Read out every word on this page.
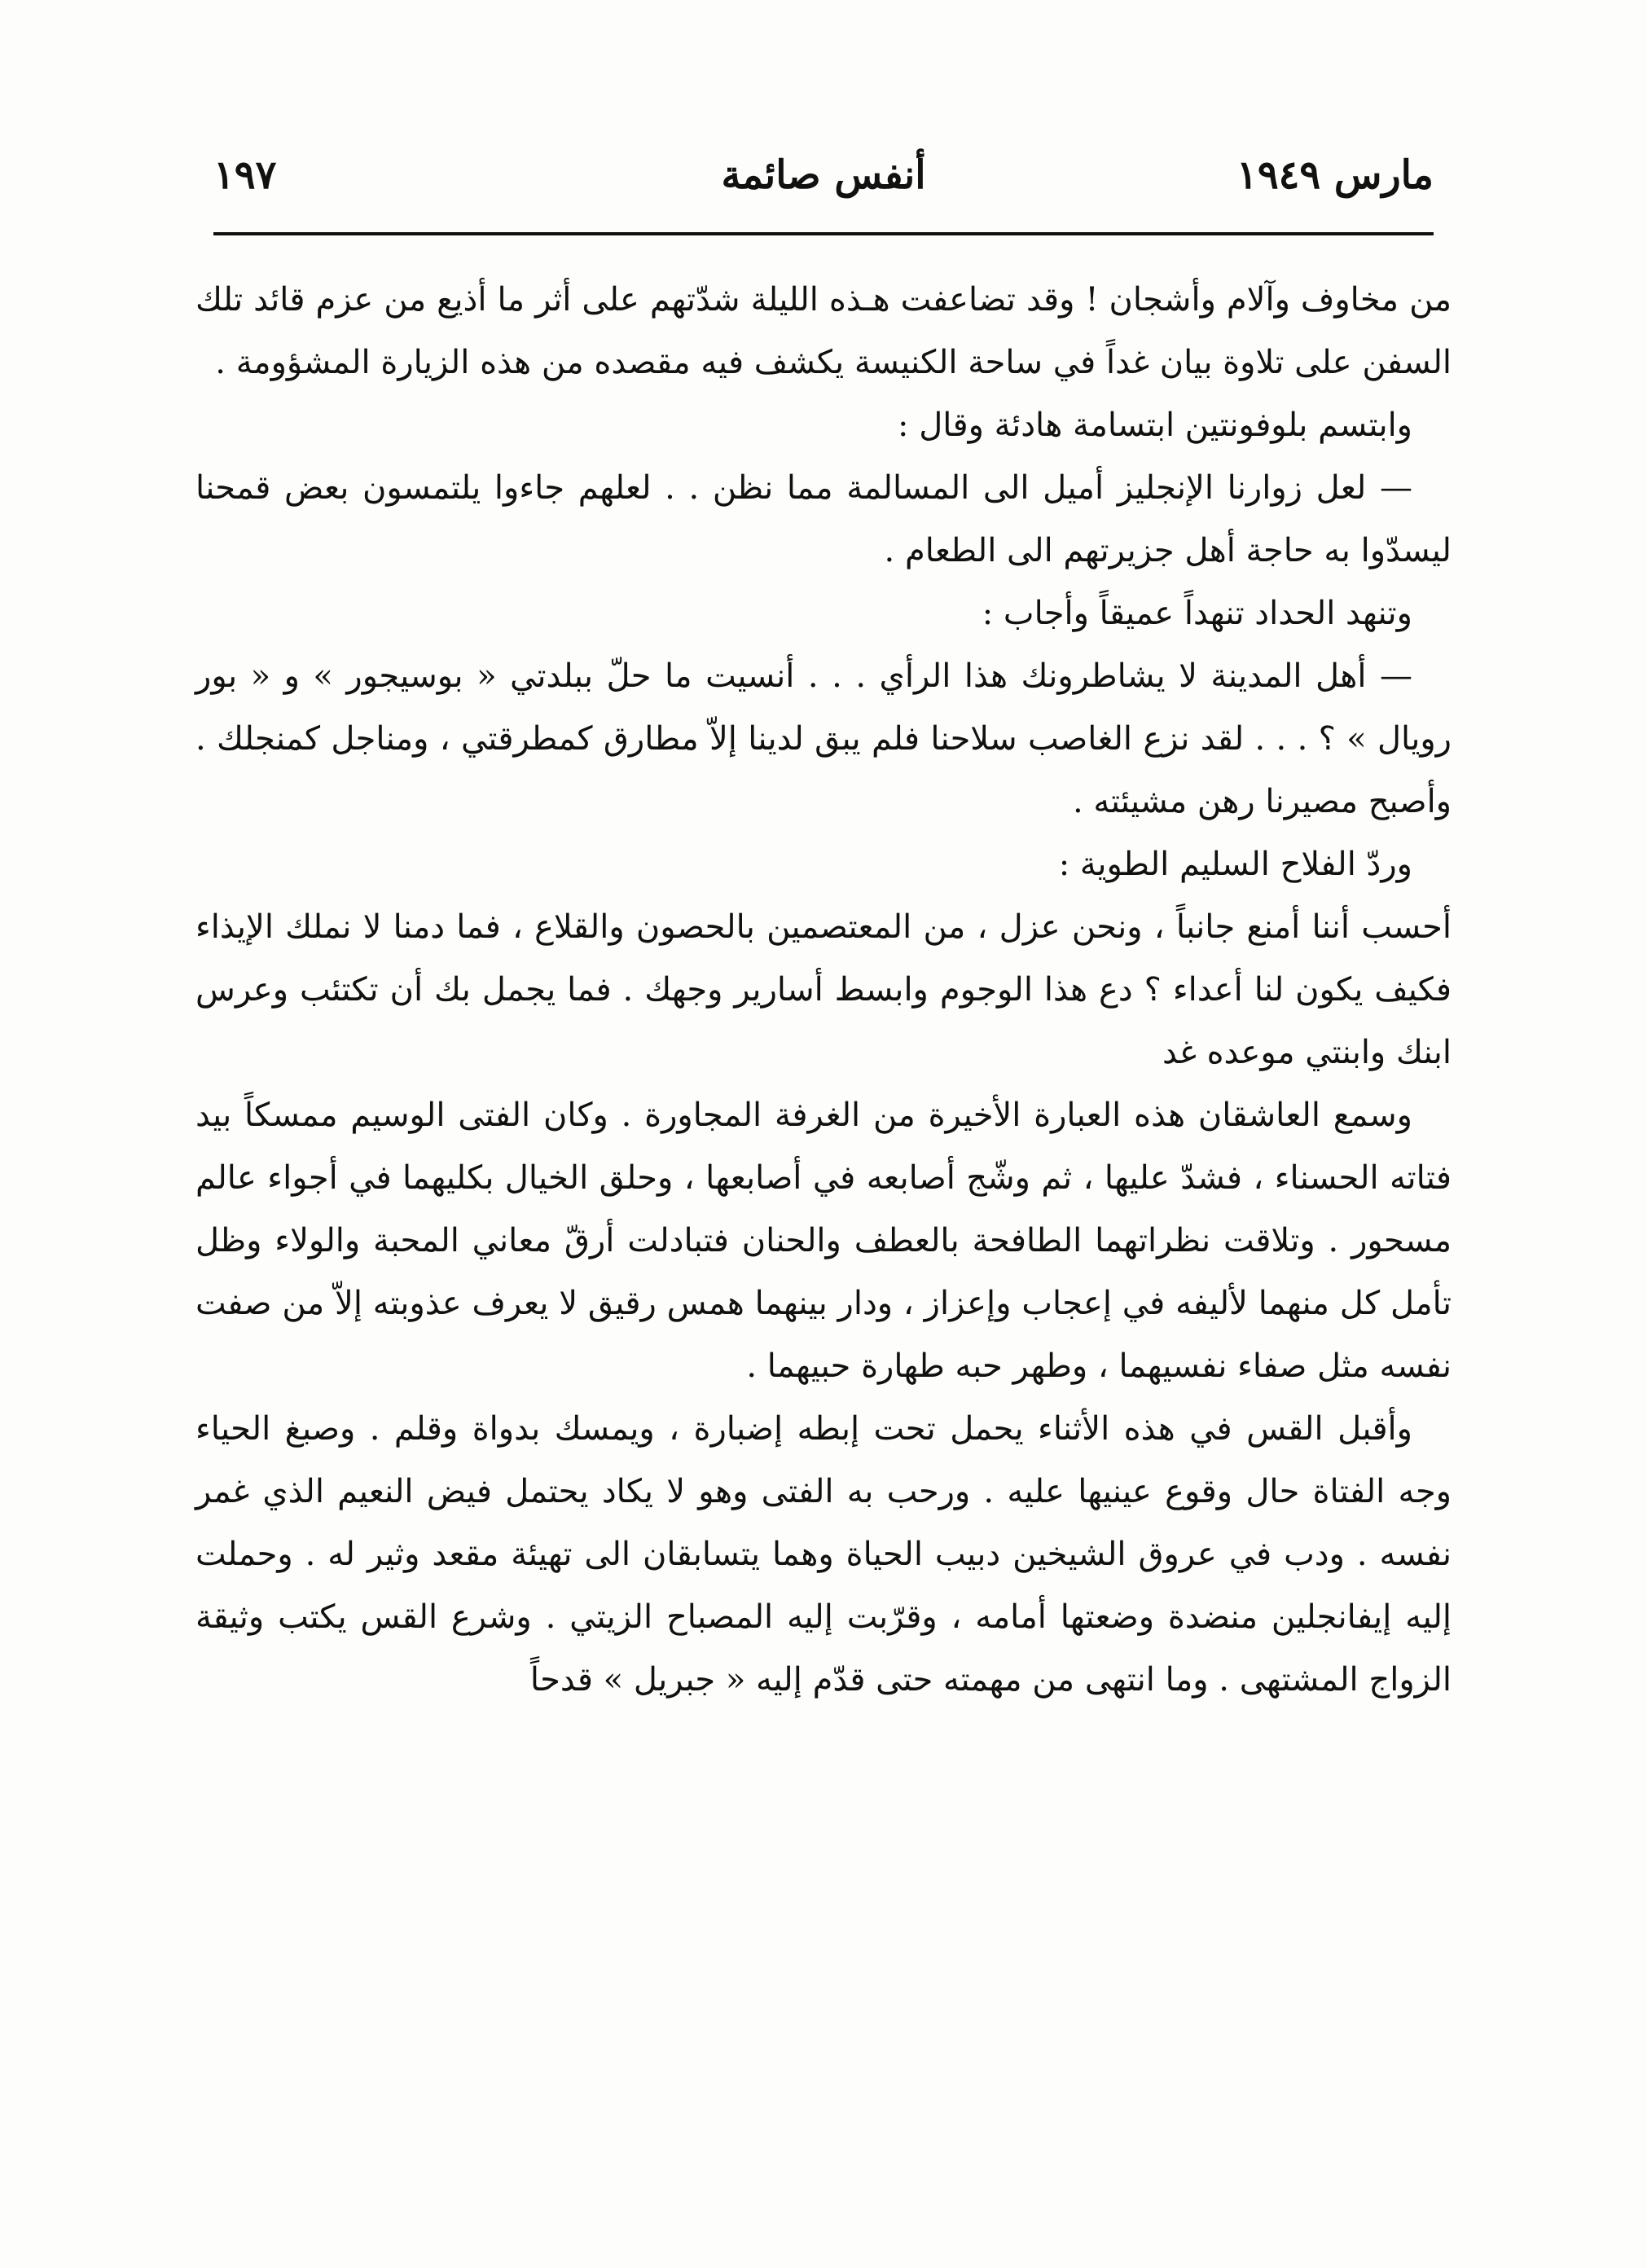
مارس ١٩٤٩
أنفس صائمة
١٩٧

من مخاوف وآلام وأشجان ! وقد تضاعفت هـذه الليلة شدّتهم على أثر ما أذيع من عزم قائد تلك السفن على تلاوة بيان غداً في ساحة الكنيسة يكشف فيه مقصده من هذه الزيارة المشؤومة .

وابتسم بلوفونتين ابتسامة هادئة وقال :

— لعل زوارنا الإنجليز أميل الى المسالمة مما نظن . . لعلهم جاءوا يلتمسون بعض قمحنا ليسدّوا به حاجة أهل جزيرتهم الى الطعام .

وتنهد الحداد تنهداً عميقاً وأجاب :

— أهل المدينة لا يشاطرونك هذا الرأي . . . أنسيت ما حلّ ببلدتي « بوسيجور » و « بور رويال » ؟ . . . لقد نزع الغاصب سلاحنا فلم يبق لدينا إلاّ مطارق كمطرقتي ، ومناجل كمنجلك . وأصبح مصيرنا رهن مشيئته .

وردّ الفلاح السليم الطوية :

أحسب أننا أمنع جانباً ، ونحن عزل ، من المعتصمين بالحصون والقلاع ، فما دمنا لا نملك الإيذاء فكيف يكون لنا أعداء ؟ دع هذا الوجوم وابسط أسارير وجهك . فما يجمل بك أن تكتئب وعرس ابنك وابنتي موعده غد

وسمع العاشقان هذه العبارة الأخيرة من الغرفة المجاورة . وكان الفتى الوسيم ممسكاً بيد فتاته الحسناء ، فشدّ عليها ، ثم وشّج أصابعه في أصابعها ، وحلق الخيال بكليهما في أجواء عالم مسحور . وتلاقت نظراتهما الطافحة بالعطف والحنان فتبادلت أرقّ معاني المحبة والولاء وظل تأمل كل منهما لأليفه في إعجاب وإعزاز ، ودار بينهما همس رقيق لا يعرف عذوبته إلاّ من صفت نفسه مثل صفاء نفسيهما ، وطهر حبه طهارة حبيهما .

وأقبل القس في هذه الأثناء يحمل تحت إبطه إضبارة ، ويمسك بدواة وقلم . وصبغ الحياء وجه الفتاة حال وقوع عينيها عليه . ورحب به الفتى وهو لا يكاد يحتمل فيض النعيم الذي غمر نفسه . ودب في عروق الشيخين دبيب الحياة وهما يتسابقان الى تهيئة مقعد وثير له . وحملت إليه إيفانجلين منضدة وضعتها أمامه ، وقرّبت إليه المصباح الزيتي . وشرع القس يكتب وثيقة الزواج المشتهى . وما انتهى من مهمته حتى قدّم إليه « جبريل » قدحاً
